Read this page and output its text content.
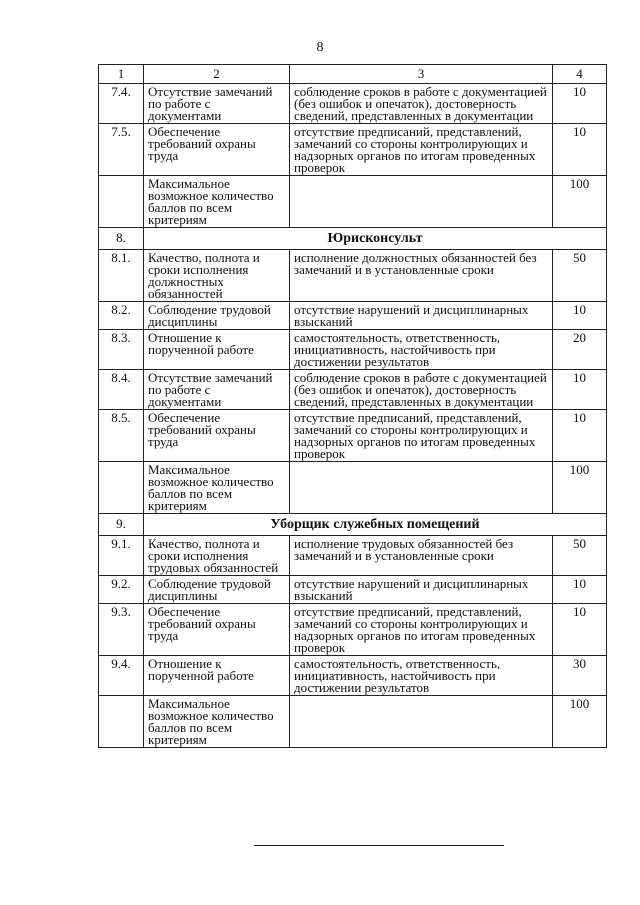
8
1	2	3	4
7.4.	Отсутствие замечаний по работе с документами	соблюдение сроков в работе с документацией (без ошибок и опечаток), достоверность сведений, представленных в документации	10
7.5.	Обеспечение требований охраны труда	отсутствие предписаний, представлений, замечаний со стороны контролирующих и надзорных органов по итогам проведенных проверок	10
	Максимальное возможное количество баллов по всем критериям		100
8.	Юрисконсульт		
8.1.	Качество, полнота и сроки исполнения должностных обязанностей	исполнение должностных обязанностей без замечаний и в установленные сроки	50
8.2.	Соблюдение трудовой дисциплины	отсутствие нарушений и дисциплинарных взысканий	10
8.3.	Отношение к порученной работе	самостоятельность, ответственность, инициативность, настойчивость при достижении результатов	20
8.4.	Отсутствие замечаний по работе с документами	соблюдение сроков в работе с документацией (без ошибок и опечаток), достоверность сведений, представленных в документации	10
8.5.	Обеспечение требований охраны труда	отсутствие предписаний, представлений, замечаний со стороны контролирующих и надзорных органов по итогам проведенных проверок	10
	Максимальное возможное количество баллов по всем критериям		100
9.	Уборщик служебных помещений		
9.1.	Качество, полнота и сроки исполнения трудовых обязанностей	исполнение трудовых обязанностей без замечаний и в установленные сроки	50
9.2.	Соблюдение трудовой дисциплины	отсутствие нарушений и дисциплинарных взысканий	10
9.3.	Обеспечение требований охраны труда	отсутствие предписаний, представлений, замечаний со стороны контролирующих и надзорных органов по итогам проведенных проверок	10
9.4.	Отношение к порученной работе	самостоятельность, ответственность, инициативность, настойчивость при достижении результатов	30
	Максимальное возможное количество баллов по всем критериям		100
